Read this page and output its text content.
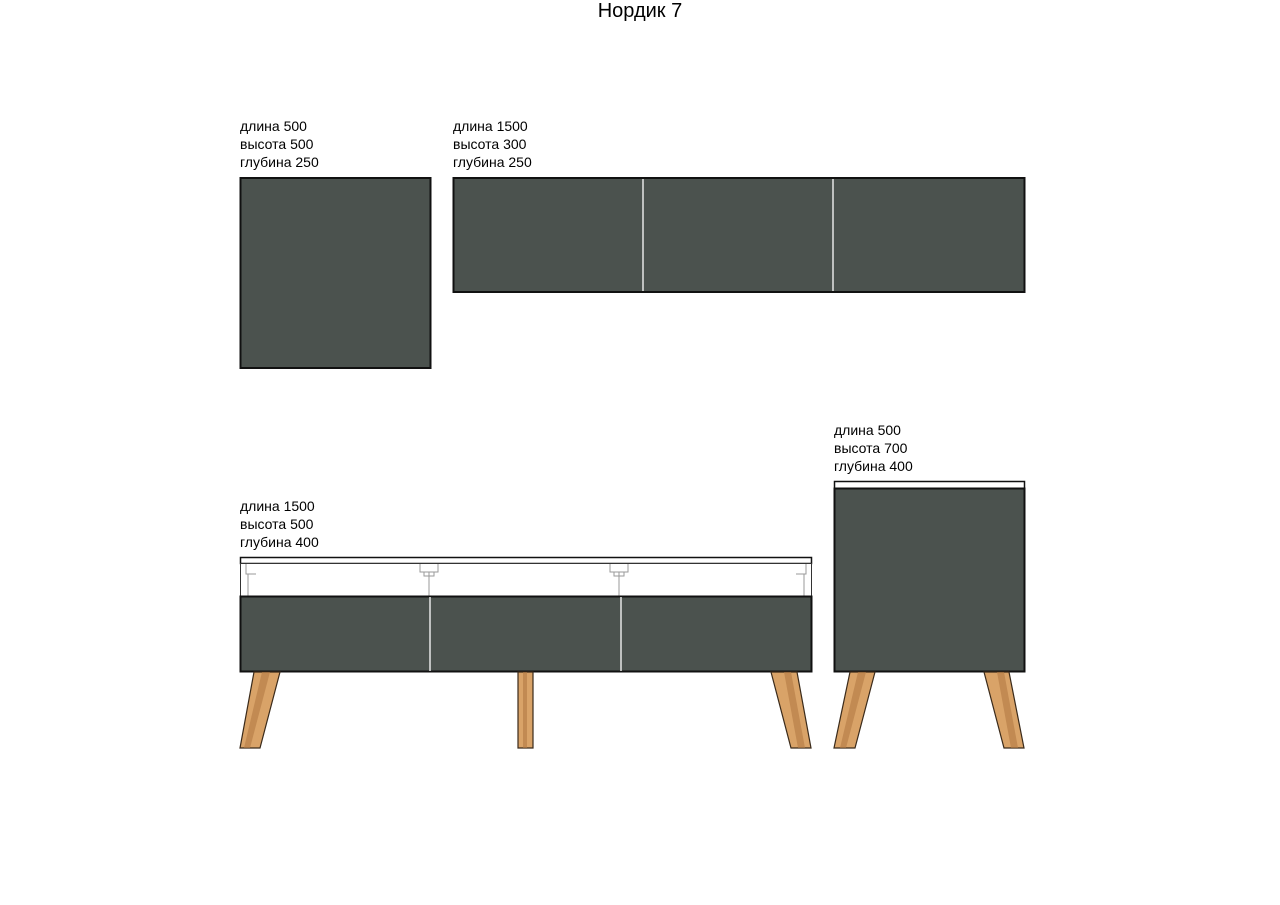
Нордик 7
длина 500
высота 500
глубина 250
длина 1500
высота 300
глубина 250
длина 1500
высота 500
глубина 400
длина 500
высота 700
глубина 400
